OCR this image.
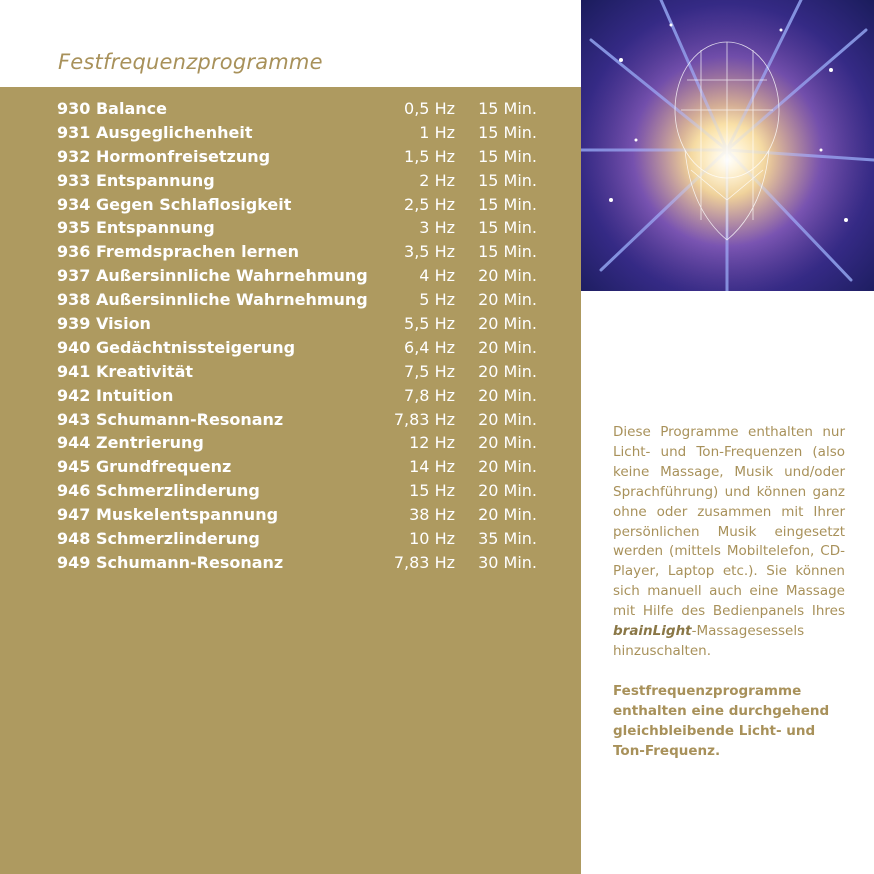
Festfrequenzprogramme
930 Balance	0,5 Hz 15 Min.
931 Ausgeglichenheit	1 Hz 15 Min.
932 Hormonfreisetzung	1,5 Hz 15 Min.
933 Entspannung	2 Hz 15 Min.
934 Gegen Schlaflosigkeit	2,5 Hz 15 Min.
935 Entspannung	3 Hz 15 Min.
936 Fremdsprachen lernen	3,5 Hz 15 Min.
937 Außersinnliche Wahrnehmung	4 Hz 20 Min.
938 Außersinnliche Wahrnehmung	5 Hz 20 Min.
939 Vision	5,5 Hz 20 Min.
940 Gedächtnissteigerung	6,4 Hz 20 Min.
941 Kreativität	7,5 Hz 20 Min.
942 Intuition	7,8 Hz 20 Min.
943 Schumann-Resonanz	7,83 Hz 20 Min.
944 Zentrierung	12 Hz 20 Min.
945 Grundfrequenz	14 Hz 20 Min.
946 Schmerzlinderung	15 Hz 20 Min.
947 Muskelentspannung	38 Hz 20 Min.
948 Schmerzlinderung	10 Hz 35 Min.
949 Schumann-Resonanz	7,83 Hz 30 Min.
Diese Programme enthalten nur Licht- und Ton-Frequenzen (also keine Massage, Musik und/oder Sprachführung) und können ganz ohne oder zusammen mit Ihrer persönlichen Musik eingesetzt werden (mittels Mobiltelefon, CD-Player, Laptop etc.). Sie können sich manuell auch eine Massage mit Hilfe des Bedienpanels Ihres brainLight-Massagesessels hinzuschalten.
Festfrequenzprogramme enthalten eine durchgehend gleichbleibende Licht- und Ton-Frequenz.
